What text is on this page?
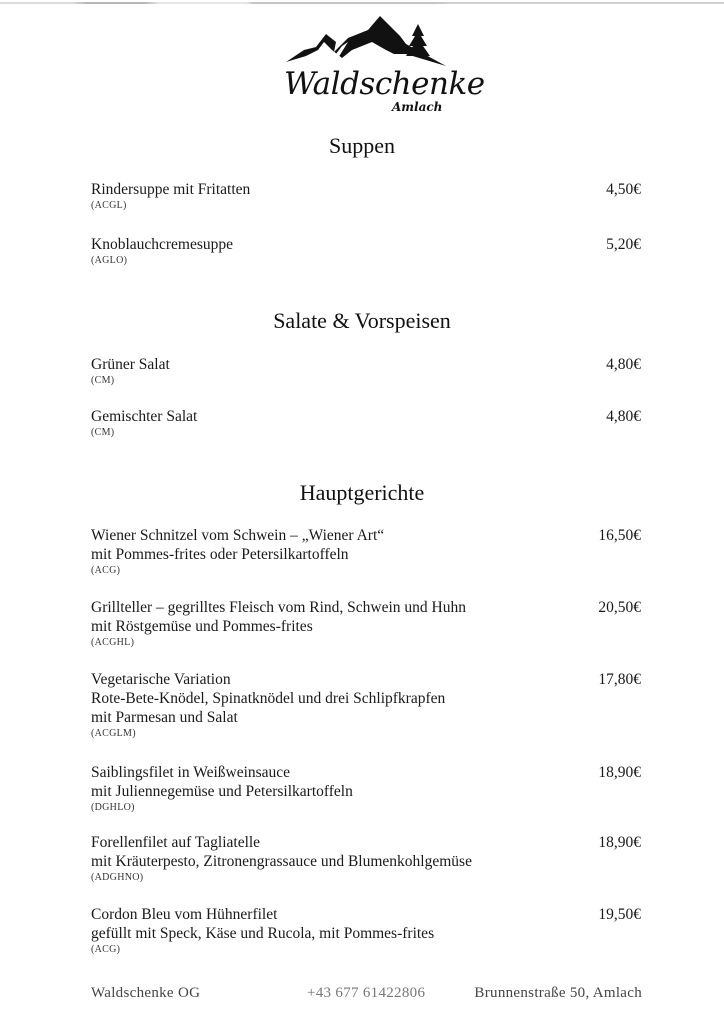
Waldschenke
Amlach
Suppen
Rindersuppe mit Fritatten
(ACGL)
4,50€
Knoblauchcremesuppe
(AGLO)
5,20€
Salate & Vorspeisen
Grüner Salat
(CM)
4,80€
Gemischter Salat
(CM)
4,80€
Hauptgerichte
Wiener Schnitzel vom Schwein – „Wiener Art“
mit Pommes-frites oder Petersilkartoffeln
(ACG)
16,50€
Grillteller – gegrilltes Fleisch vom Rind, Schwein und Huhn
mit Röstgemüse und Pommes-frites
(ACGHL)
20,50€
Vegetarische Variation
Rote-Bete-Knödel, Spinatknödel und drei Schlipfkrapfen
mit Parmesan und Salat
(ACGLM)
17,80€
Saiblingsfilet in Weißweinsauce
mit Juliennegemüse und Petersilkartoffeln
(DGHLO)
18,90€
Forellenfilet auf Tagliatelle
mit Kräuterpesto, Zitronengrassauce und Blumenkohlgemüse
(ADGHNO)
18,90€
Cordon Bleu vom Hühnerfilet
gefüllt mit Speck, Käse und Rucola, mit Pommes-frites
(ACG)
19,50€
Waldschenke OG	+43 677 61422806	Brunnenstraße 50, Amlach
